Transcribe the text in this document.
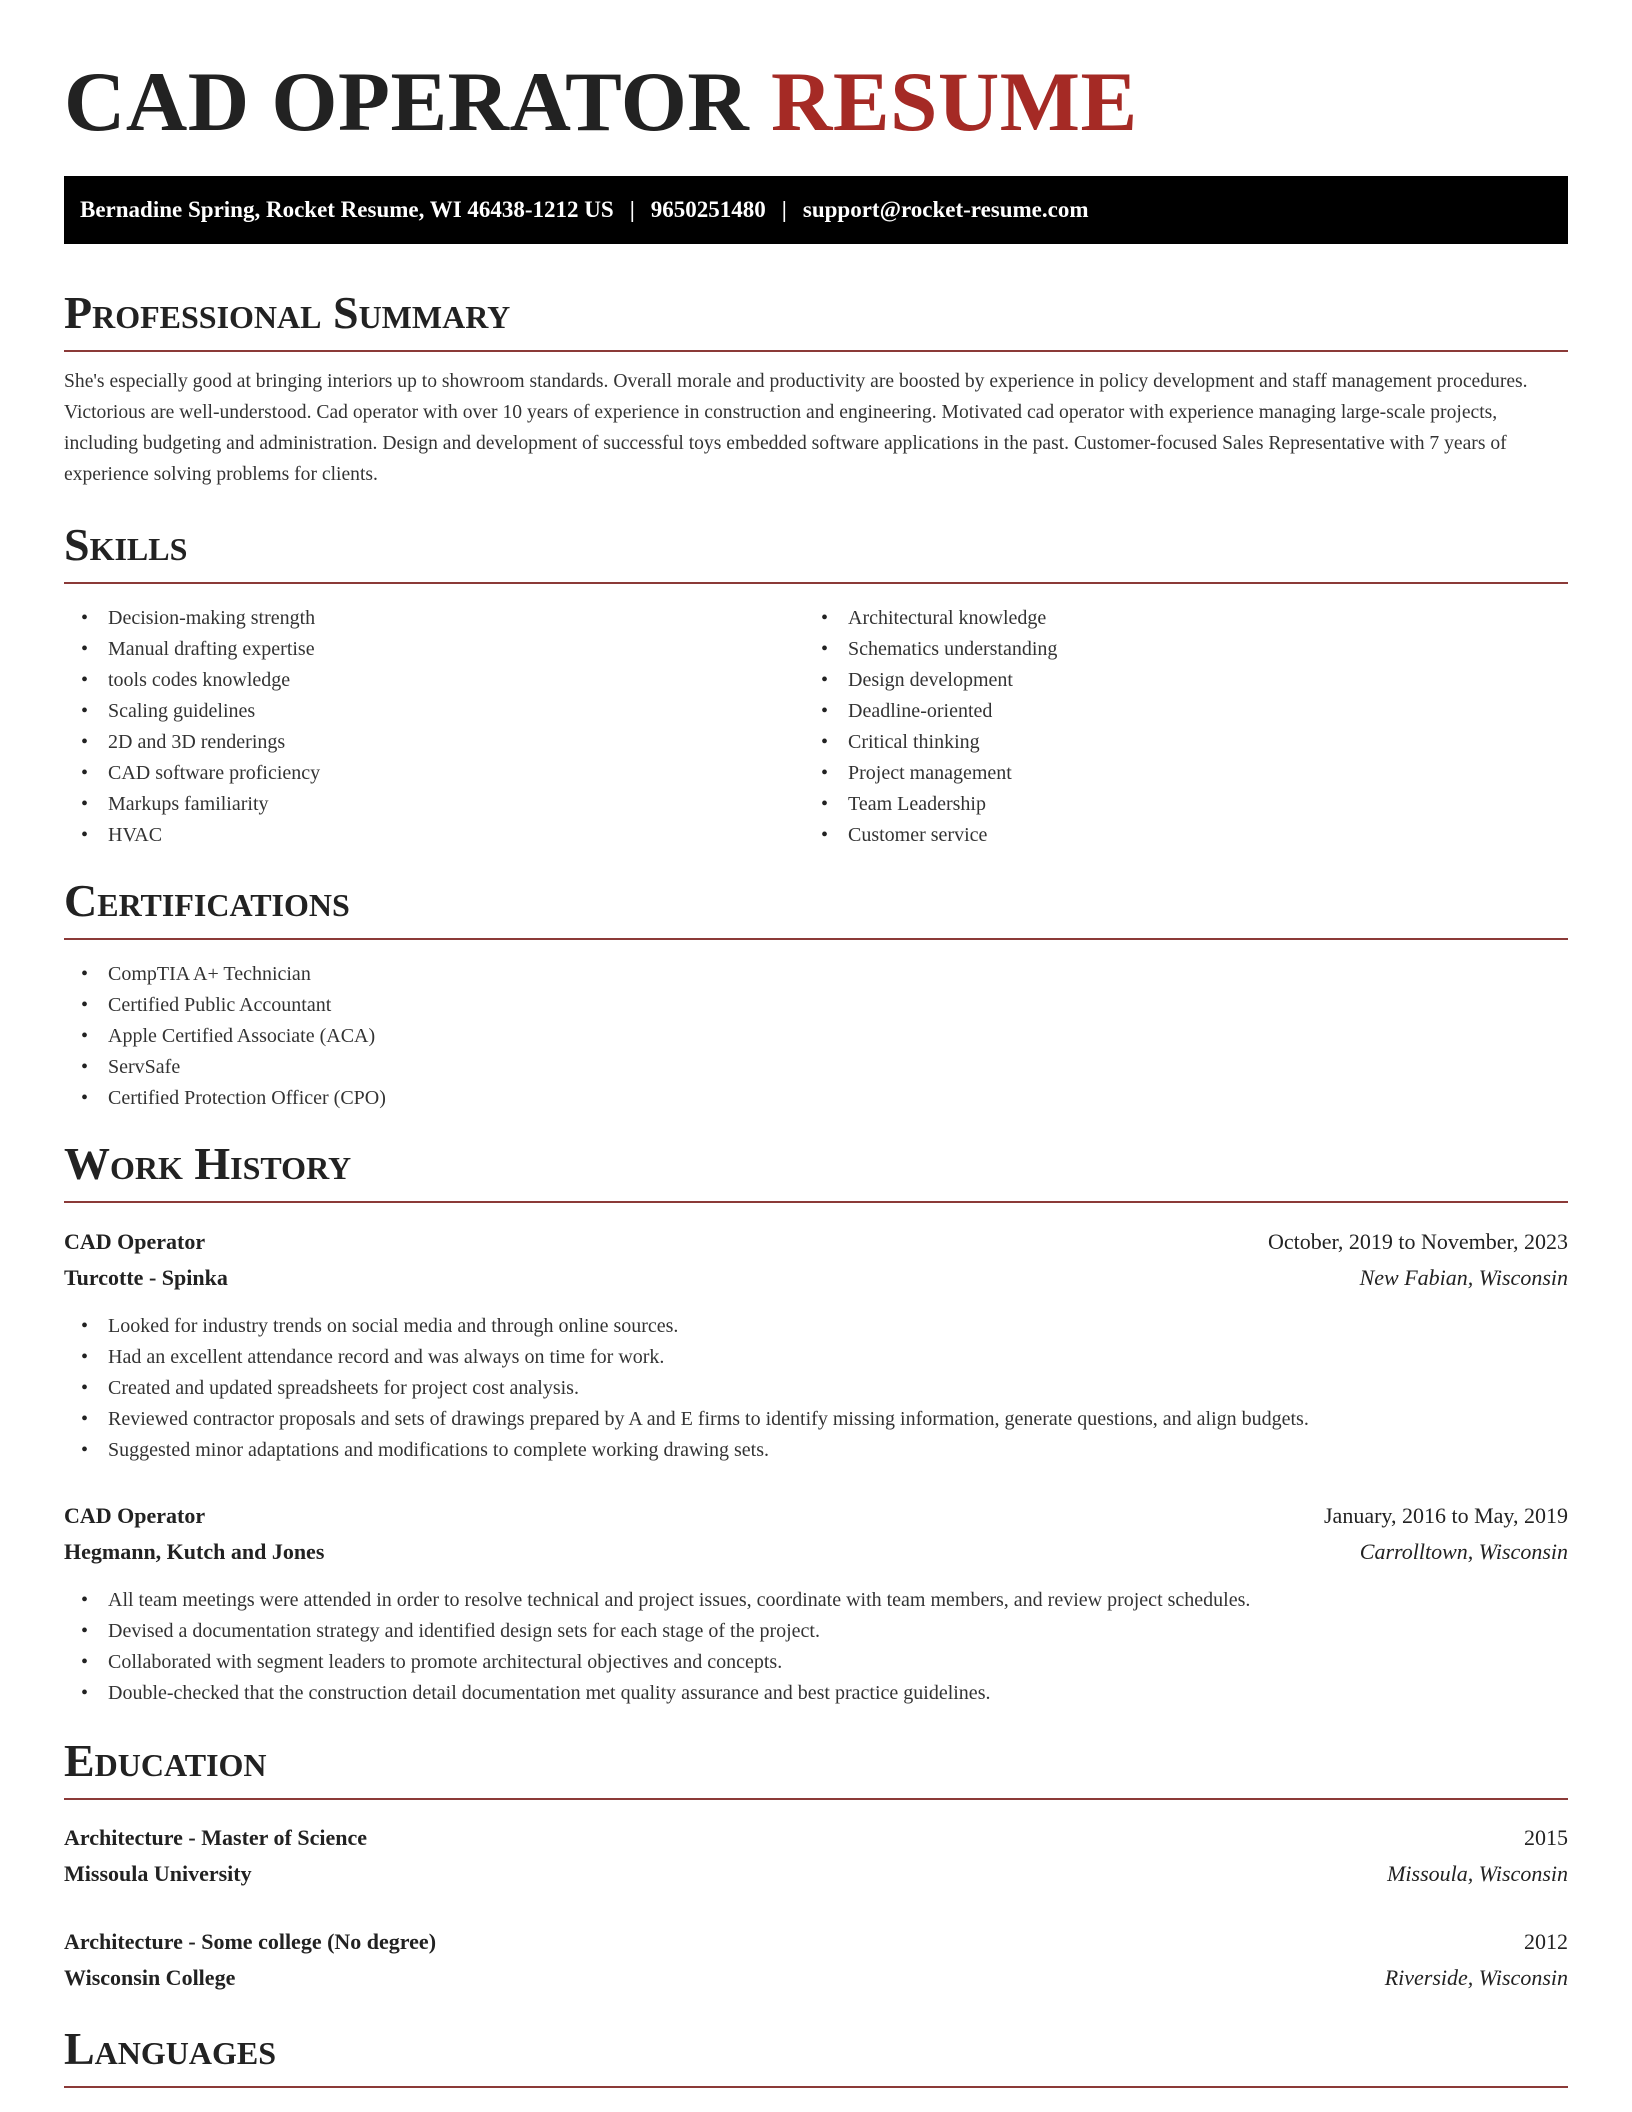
CAD OPERATOR RESUME
Bernadine Spring, Rocket Resume, WI 46438-1212 US | 9650251480 | support@rocket-resume.com
Professional Summary

She's especially good at bringing interiors up to showroom standards. Overall morale and productivity are boosted by experience in policy development and staff management procedures. Victorious are well-understood. Cad operator with over 10 years of experience in construction and engineering. Motivated cad operator with experience managing large-scale projects, including budgeting and administration. Design and development of successful toys embedded software applications in the past. Customer-focused Sales Representative with 7 years of experience solving problems for clients.

Skills
• Decision-making strength
• Manual drafting expertise
• tools codes knowledge
• Scaling guidelines
• 2D and 3D renderings
• CAD software proficiency
• Markups familiarity
• HVAC
• Architectural knowledge
• Schematics understanding
• Design development
• Deadline-oriented
• Critical thinking
• Project management
• Team Leadership
• Customer service
Certifications
• CompTIA A+ Technician
• Certified Public Accountant
• Apple Certified Associate (ACA)
• ServSafe
• Certified Protection Officer (CPO)
Work History
CAD Operator	October, 2019 to November, 2023
Turcotte - Spinka	New Fabian, Wisconsin
• Looked for industry trends on social media and through online sources.
• Had an excellent attendance record and was always on time for work.
• Created and updated spreadsheets for project cost analysis.
• Reviewed contractor proposals and sets of drawings prepared by A and E firms to identify missing information, generate questions, and align budgets.
• Suggested minor adaptations and modifications to complete working drawing sets.
CAD Operator	January, 2016 to May, 2019
Hegmann, Kutch and Jones	Carrolltown, Wisconsin
• All team meetings were attended in order to resolve technical and project issues, coordinate with team members, and review project schedules.
• Devised a documentation strategy and identified design sets for each stage of the project.
• Collaborated with segment leaders to promote architectural objectives and concepts.
• Double-checked that the construction detail documentation met quality assurance and best practice guidelines.
Education
Architecture - Master of Science	2015
Missoula University	Missoula, Wisconsin
Architecture - Some college (No degree)	2012
Wisconsin College	Riverside, Wisconsin
Languages
